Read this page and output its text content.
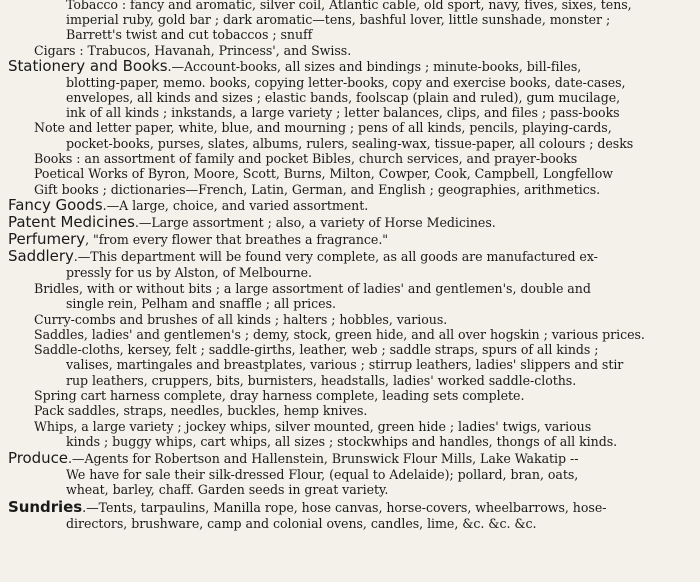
Tobacco : fancy and aromatic, silver coil, Atlantic cable, old sport, navy, fives, sixes, tens,
imperial ruby, gold bar ; dark aromatic—tens, bashful lover, little sunshade, monster ;
Barrett's twist and cut tobaccos ; snuff
Cigars : Trabucos, Havanah, Princess', and Swiss.
Stationery and Books.—Account-books, all sizes and bindings ; minute-books, bill-files,
blotting-paper, memo. books, copying letter-books, copy and exercise books, date-cases,
envelopes, all kinds and sizes ; elastic bands, foolscap (plain and ruled), gum mucilage,
ink of all kinds ; inkstands, a large variety ; letter balances, clips, and files ; pass-books
Note and letter paper, white, blue, and mourning ; pens of all kinds, pencils, playing-cards,
pocket-books, purses, slates, albums, rulers, sealing-wax, tissue-paper, all colours ; desks
Books : an assortment of family and pocket Bibles, church services, and prayer-books
Poetical Works of Byron, Moore, Scott, Burns, Milton, Cowper, Cook, Campbell, Longfellow
Gift books ; dictionaries—French, Latin, German, and English ; geographies, arithmetics.
Fancy Goods.—A large, choice, and varied assortment.
Patent Medicines.—Large assortment ; also, a variety of Horse Medicines.
Perfumery, "from every flower that breathes a fragrance."
Saddlery.—This department will be found very complete, as all goods are manufactured ex-
pressly for us by Alston, of Melbourne.
Bridles, with or without bits ; a large assortment of ladies' and gentlemen's, double and
single rein, Pelham and snaffle ; all prices.
Curry-combs and brushes of all kinds ; halters ; hobbles, various.
Saddles, ladies' and gentlemen's ; demy, stock, green hide, and all over hogskin ; various prices.
Saddle-cloths, kersey, felt ; saddle-girths, leather, web ; saddle straps, spurs of all kinds ;
valises, martingales and breastplates, various ; stirrup leathers, ladies' slippers and stir
rup leathers, cruppers, bits, burnisters, headstalls, ladies' worked saddle-cloths.
Spring cart harness complete, dray harness complete, leading sets complete.
Pack saddles, straps, needles, buckles, hemp knives.
Whips, a large variety ; jockey whips, silver mounted, green hide ; ladies' twigs, various
kinds ; buggy whips, cart whips, all sizes ; stockwhips and handles, thongs of all kinds.
Produce.—Agents for Robertson and Hallenstein, Brunswick Flour Mills, Lake Wakatip --
We have for sale their silk-dressed Flour, (equal to Adelaide); pollard, bran, oats,
wheat, barley, chaff. Garden seeds in great variety.
Sundries.—Tents, tarpaulins, Manilla rope, hose canvas, horse-covers, wheelbarrows, hose-
directors, brushware, camp and colonial ovens, candles, lime, &c. &c. &c.
